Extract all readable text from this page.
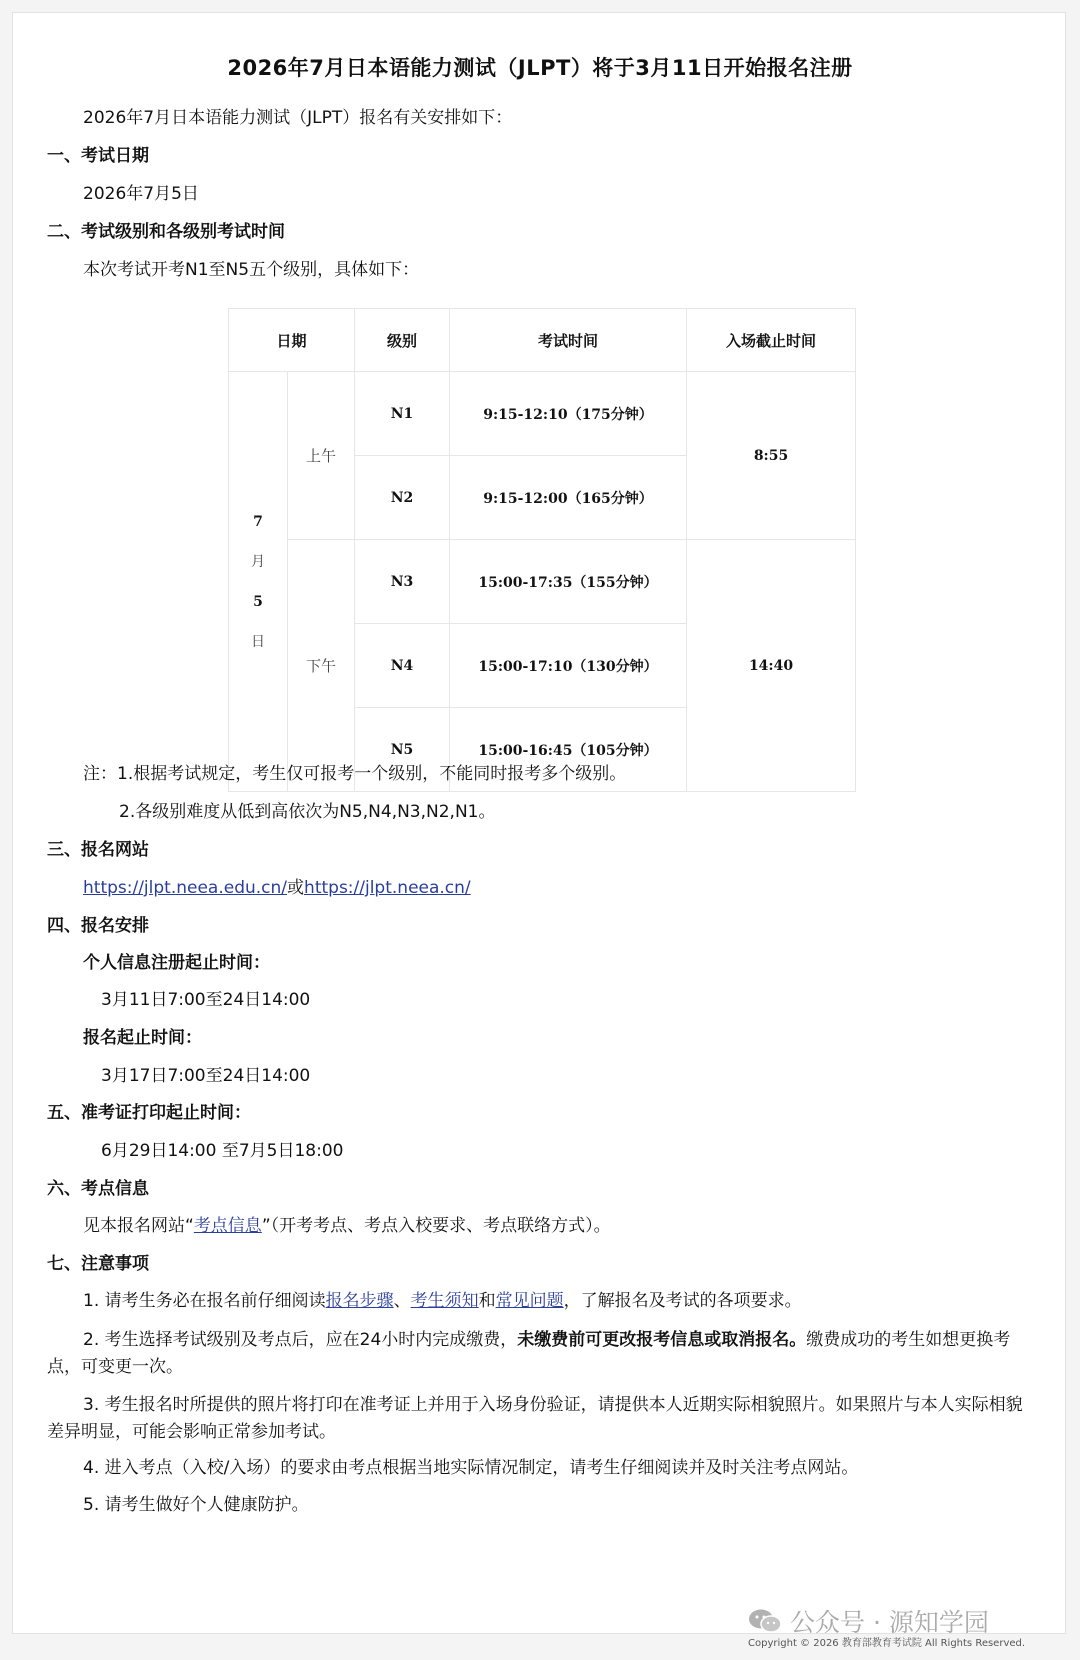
2026年7月日本语能力测试（JLPT）将于3月11日开始报名注册
2026年7月日本语能力测试（JLPT）报名有关安排如下：
一、考试日期
2026年7月5日
二、考试级别和各级别考试时间
本次考试开考N1至N5五个级别，具体如下：
日期		级别	考试时间	入场截止时间

7
月
5
日	上午	N1	9:15-12:10（175分钟）	8:55
		N2	9:15-12:00（165分钟）	
	下午	N3	15:00-17:35（155分钟）	14:40
		N4	15:00-17:10（130分钟）	
		N5	15:00-16:45（105分钟）	
注：1.根据考试规定，考生仅可报考一个级别，不能同时报考多个级别。
2.各级别难度从低到高依次为N5,N4,N3,N2,N1。
三、报名网站
https://jlpt.neea.edu.cn/或https://jlpt.neea.cn/
四、报名安排
个人信息注册起止时间：
3月11日7:00至24日14:00
报名起止时间：
3月17日7:00至24日14:00
五、准考证打印起止时间：
6月29日14:00 至7月5日18:00
六、考点信息
见本报名网站“考点信息”（开考考点、考点入校要求、考点联络方式）。
七、注意事项
1. 请考生务必在报名前仔细阅读报名步骤、考生须知和常见问题，了解报名及考试的各项要求。
2. 考生选择考试级别及考点后，应在24小时内完成缴费，未缴费前可更改报考信息或取消报名。缴费成功的考生如想更换考点，可变更一次。
3. 考生报名时所提供的照片将打印在准考证上并用于入场身份验证，请提供本人近期实际相貌照片。如果照片与本人实际相貌差异明显，可能会影响正常参加考试。
4. 进入考点（入校/入场）的要求由考点根据当地实际情况制定，请考生仔细阅读并及时关注考点网站。
5. 请考生做好个人健康防护。
公众号 · 源知学园
Copyright © 2026 教育部教育考试院 All Rights Reserved.
